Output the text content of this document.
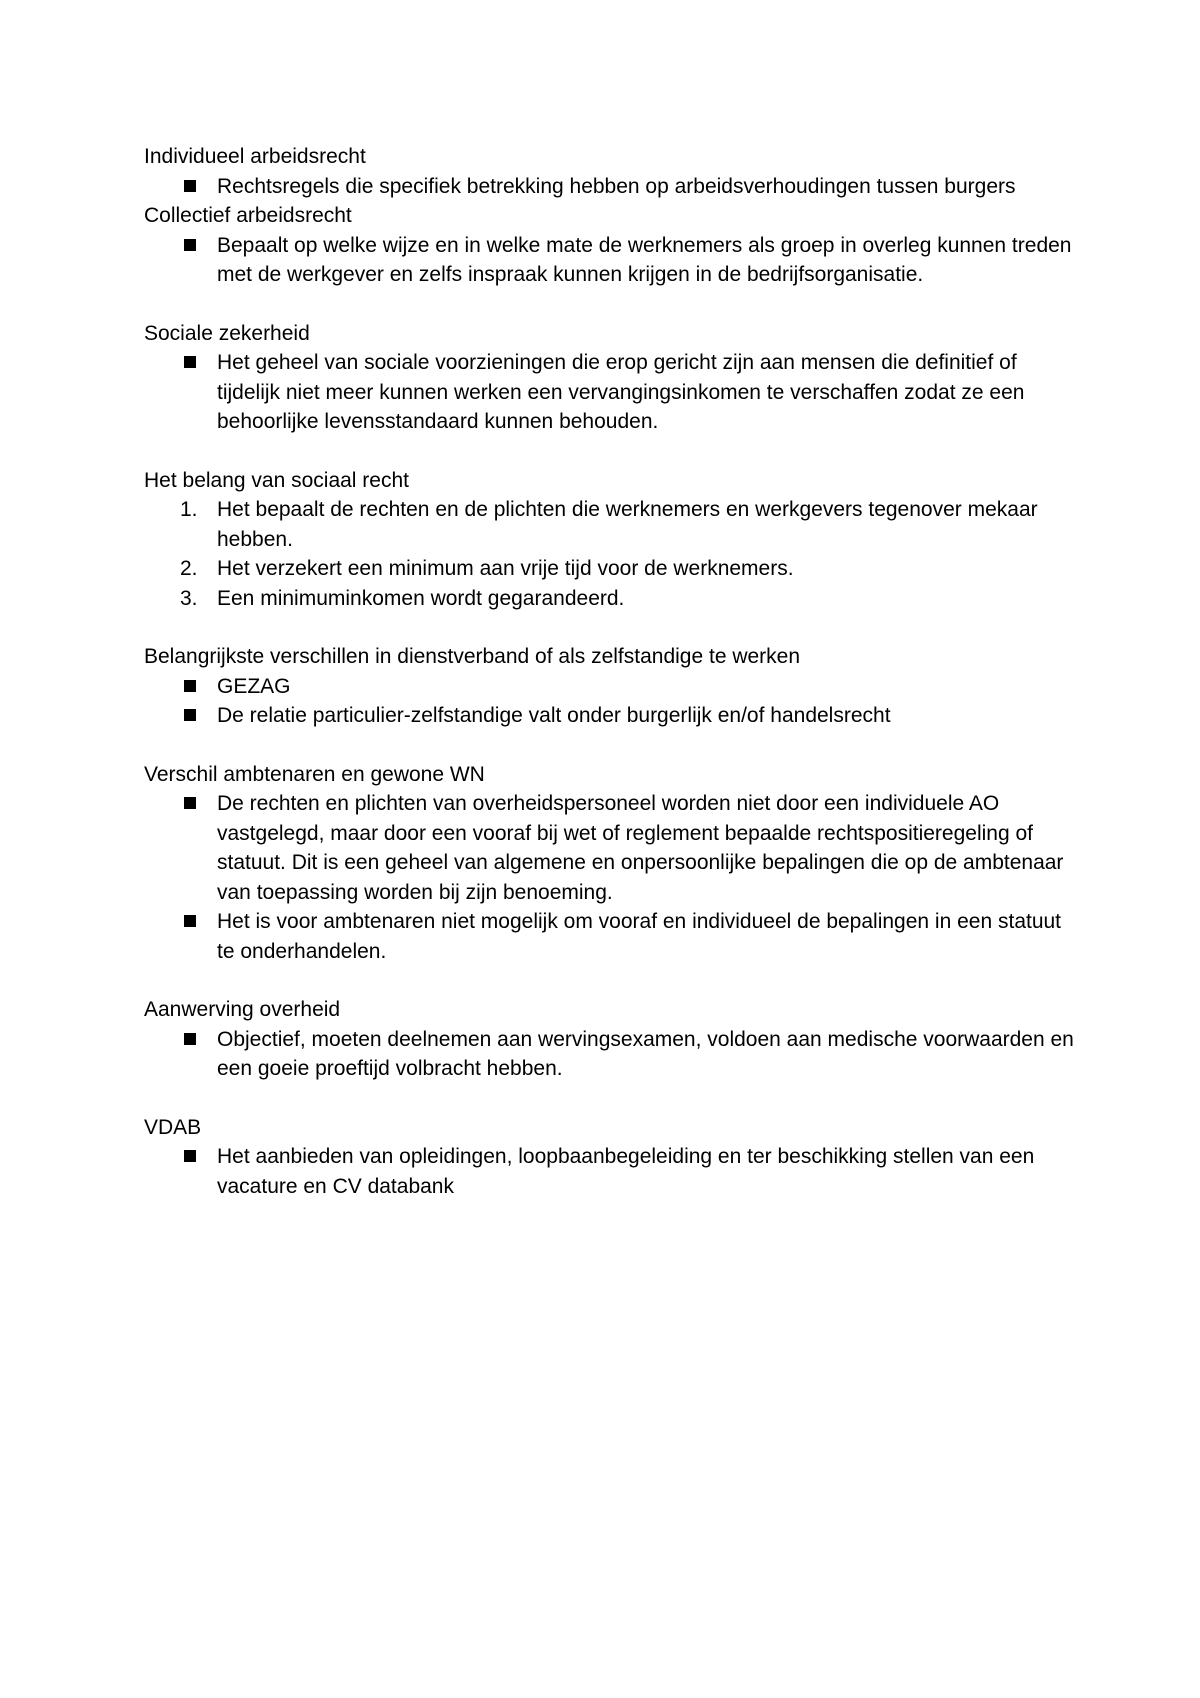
Individueel arbeidsrecht
Rechtsregels die specifiek betrekking hebben op arbeidsverhoudingen tussen burgers
Collectief arbeidsrecht
Bepaalt op welke wijze en in welke mate de werknemers als groep in overleg kunnen treden met de werkgever en zelfs inspraak kunnen krijgen in de bedrijfsorganisatie.
Sociale zekerheid
Het geheel van sociale voorzieningen die erop gericht zijn aan mensen die definitief of tijdelijk niet meer kunnen werken een vervangingsinkomen te verschaffen zodat ze een behoorlijke levensstandaard kunnen behouden.
Het belang van sociaal recht
1. Het bepaalt de rechten en de plichten die werknemers en werkgevers tegenover mekaar hebben.
2. Het verzekert een minimum aan vrije tijd voor de werknemers.
3. Een minimuminkomen wordt gegarandeerd.
Belangrijkste verschillen in dienstverband of als zelfstandige te werken
GEZAG
De relatie particulier-zelfstandige valt onder burgerlijk en/of handelsrecht
Verschil ambtenaren en gewone WN
De rechten en plichten van overheidspersoneel worden niet door een individuele AO vastgelegd, maar door een vooraf bij wet of reglement bepaalde rechtspositieregeling of statuut. Dit is een geheel van algemene en onpersoonlijke bepalingen die op de ambtenaar van toepassing worden bij zijn benoeming.
Het is voor ambtenaren niet mogelijk om vooraf en individueel de bepalingen in een statuut te onderhandelen.
Aanwerving overheid
Objectief, moeten deelnemen aan wervingsexamen, voldoen aan medische voorwaarden en een goeie proeftijd volbracht hebben.
VDAB
Het aanbieden van opleidingen, loopbaanbegeleiding en ter beschikking stellen van een vacature en CV databank
